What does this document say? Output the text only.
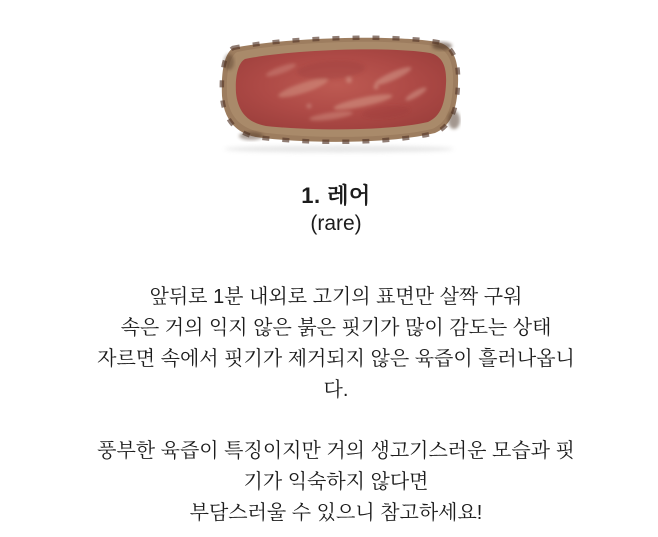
1. 레어
(rare)
앞뒤로 1분 내외로 고기의 표면만 살짝 구워
속은 거의 익지 않은 붉은 핏기가 많이 감도는 상태
자르면 속에서 핏기가 제거되지 않은 육즙이 흘러나옵니
다.
풍부한 육즙이 특징이지만 거의 생고기스러운 모습과 핏
기가 익숙하지 않다면
부담스러울 수 있으니 참고하세요!
